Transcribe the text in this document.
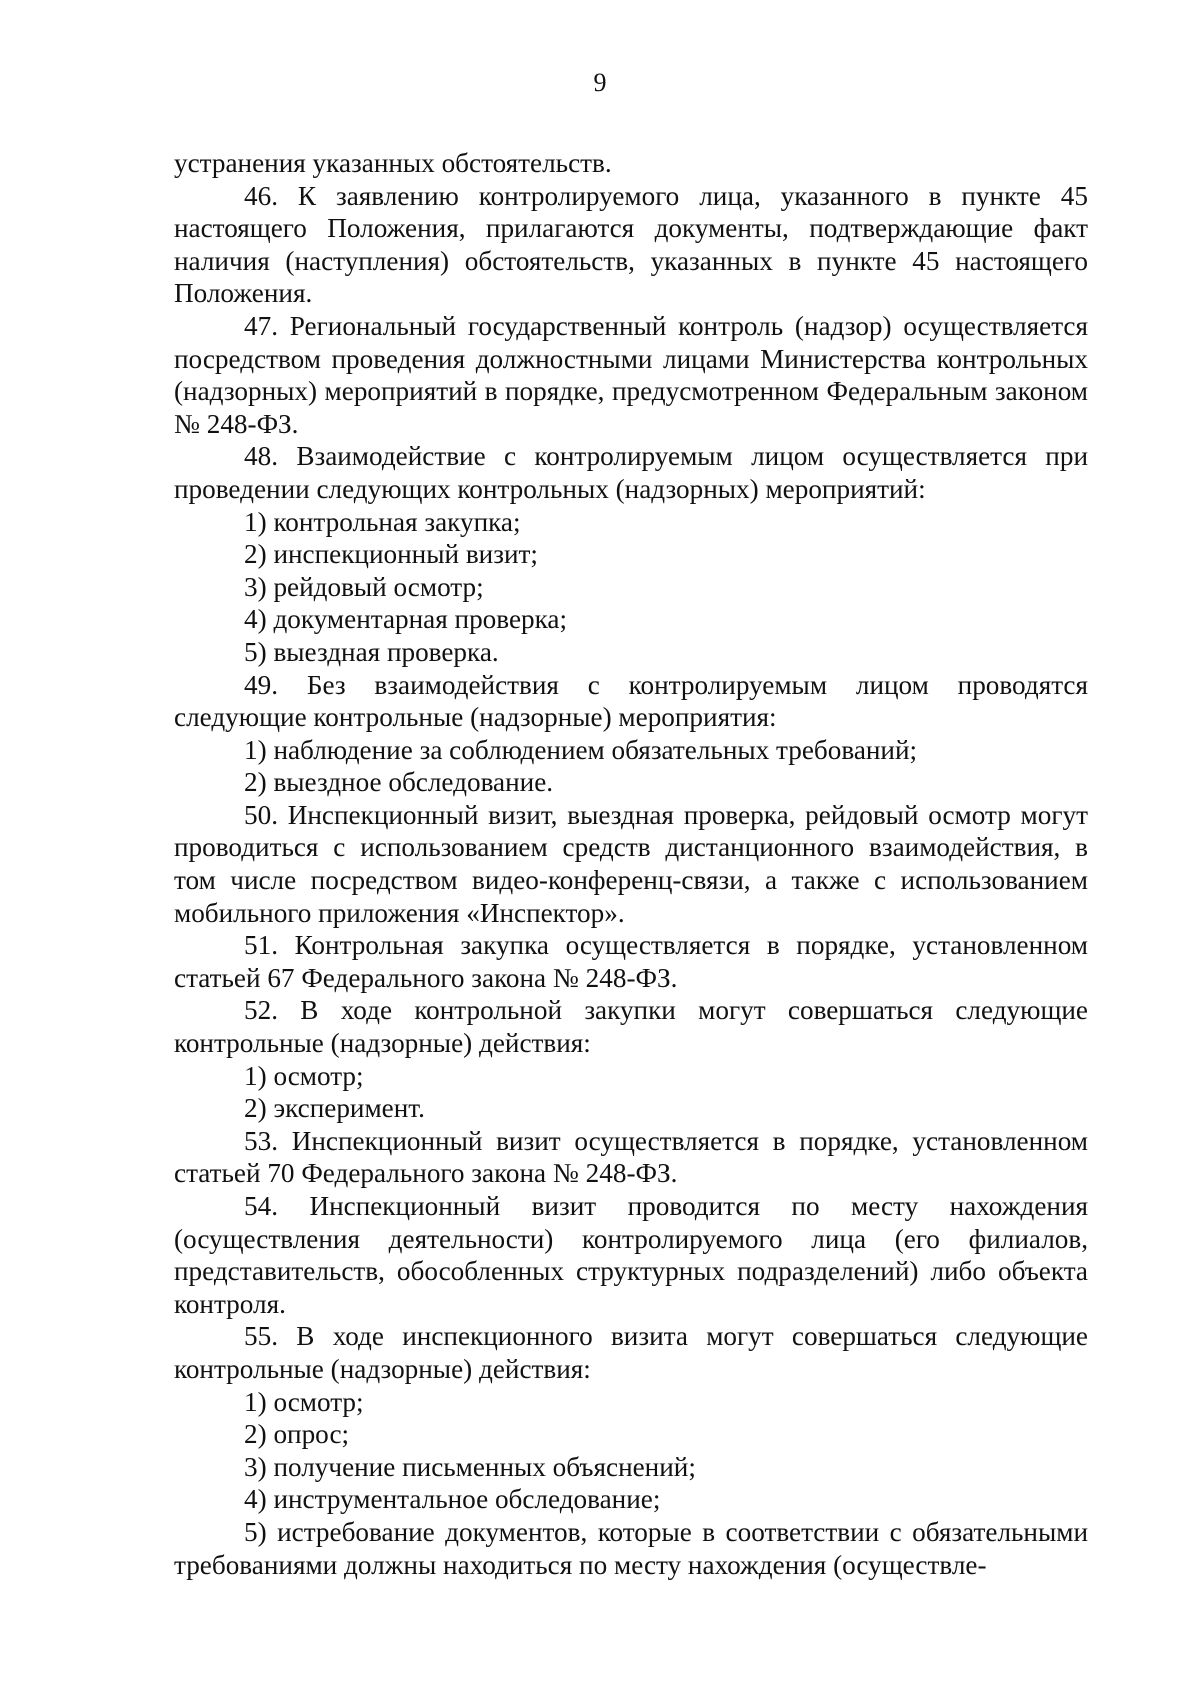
9

устранения указанных обстоятельств.

46. К заявлению контролируемого лица, указанного в пункте 45 настоящего Положения, прилагаются документы, подтверждающие факт наличия (наступления) обстоятельств, указанных в пункте 45 настоящего Положения.

47. Региональный государственный контроль (надзор) осуществляется посредством проведения должностными лицами Министерства контрольных (надзорных) мероприятий в порядке, предусмотренном Федеральным законом № 248-ФЗ.

48. Взаимодействие с контролируемым лицом осуществляется при проведении следующих контрольных (надзорных) мероприятий:

1) контрольная закупка;

2) инспекционный визит;

3) рейдовый осмотр;

4) документарная проверка;

5) выездная проверка.

49. Без взаимодействия с контролируемым лицом проводятся следующие контрольные (надзорные) мероприятия:

1) наблюдение за соблюдением обязательных требований;

2) выездное обследование.

50. Инспекционный визит, выездная проверка, рейдовый осмотр могут проводиться с использованием средств дистанционного взаимодействия, в том числе посредством видео-конференц-связи, а также с использованием мобильного приложения «Инспектор».

51. Контрольная закупка осуществляется в порядке, установленном статьей 67 Федерального закона № 248-ФЗ.

52. В ходе контрольной закупки могут совершаться следующие контрольные (надзорные) действия:

1) осмотр;

2) эксперимент.

53. Инспекционный визит осуществляется в порядке, установленном статьей 70 Федерального закона № 248-ФЗ.

54. Инспекционный визит проводится по месту нахождения (осуществления деятельности) контролируемого лица (его филиалов, представительств, обособленных структурных подразделений) либо объекта контроля.

55. В ходе инспекционного визита могут совершаться следующие контрольные (надзорные) действия:

1) осмотр;

2) опрос;

3) получение письменных объяснений;

4) инструментальное обследование;

5) истребование документов, которые в соответствии с обязательными требованиями должны находиться по месту нахождения (осуществле-
